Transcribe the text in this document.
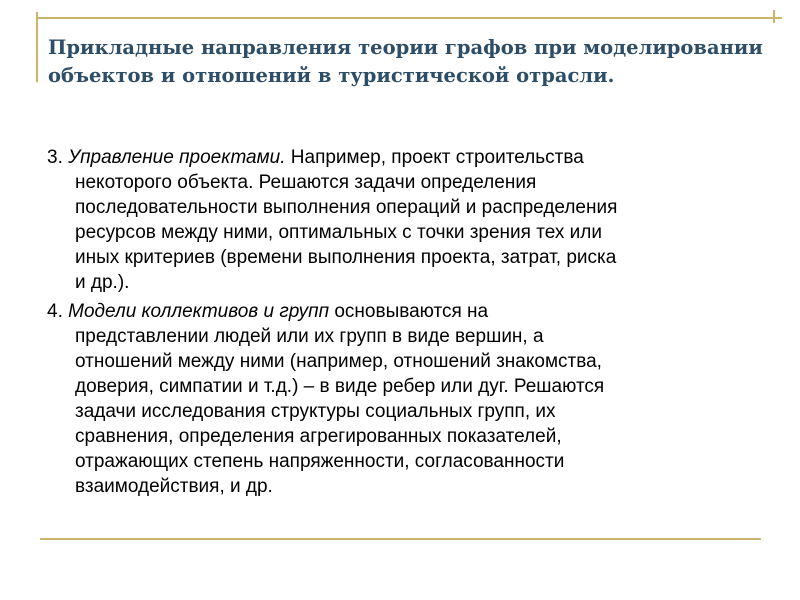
Прикладные направления теории графов при моделировании
объектов и отношений в туристической отрасли.

3. Управление проектами. Например, проект строительства
некоторого объекта. Решаются задачи определения
последовательности выполнения операций и распределения
ресурсов между ними, оптимальных с точки зрения тех или
иных критериев (времени выполнения проекта, затрат, риска
и др.).

4. Модели коллективов и групп основываются на
представлении людей или их групп в виде вершин, а
отношений между ними (например, отношений знакомства,
доверия, симпатии и т.д.) – в виде ребер или дуг. Решаются
задачи исследования структуры социальных групп, их
сравнения, определения агрегированных показателей,
отражающих степень напряженности, согласованности
взаимодействия, и др.
